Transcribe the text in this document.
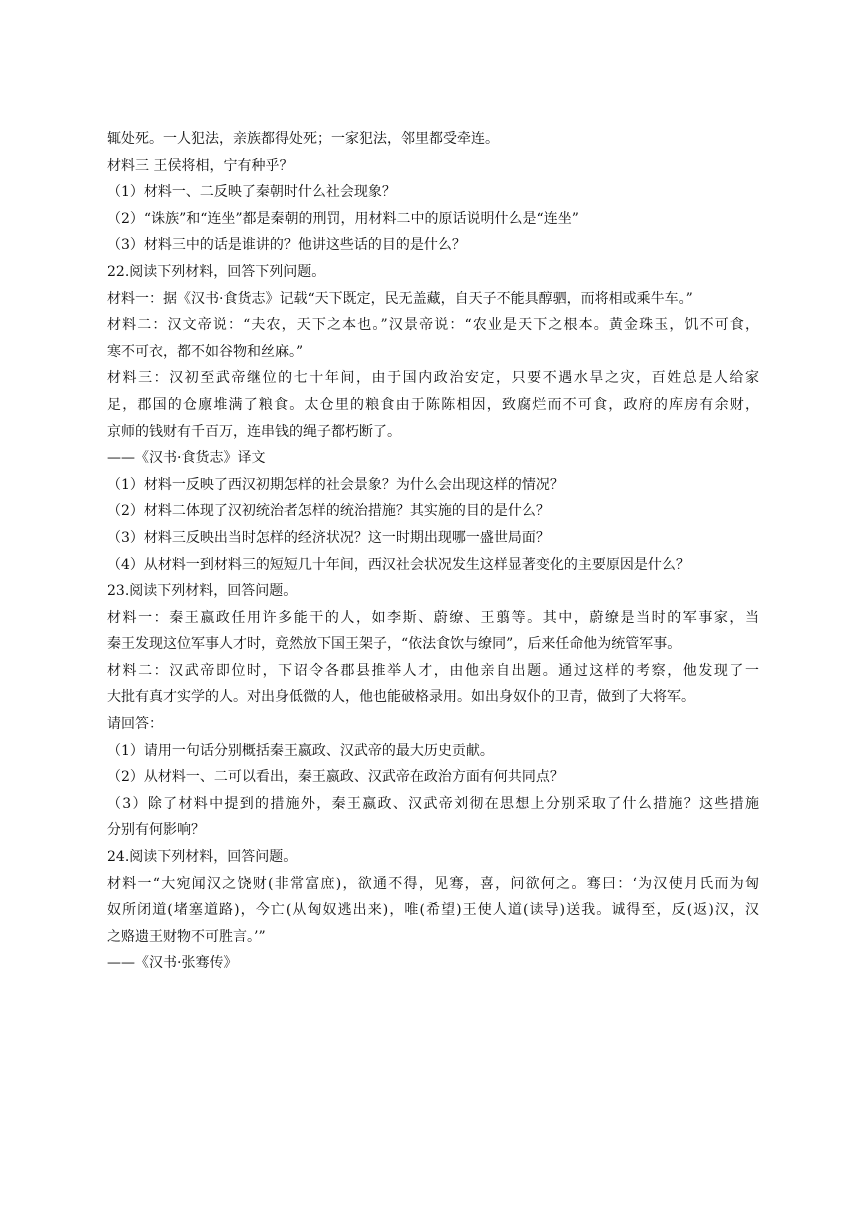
辄处死。一人犯法，亲族都得处死；一家犯法，邻里都受牵连。
材料三 王侯将相，宁有种乎？
（1）材料一、二反映了秦朝时什么社会现象？
（2）“诛族”和“连坐”都是秦朝的刑罚，用材料二中的原话说明什么是“连坐”
（3）材料三中的话是谁讲的？他讲这些话的目的是什么？
22.阅读下列材料，回答下列问题。
材料一：据《汉书·食货志》记载“天下既定，民无盖藏，自天子不能具醇驷，而将相或乘牛车。”
材料二：汉文帝说：“夫农，天下之本也。”汉景帝说：“农业是天下之根本。黄金珠玉，饥不可食，
寒不可衣，都不如谷物和丝麻。”
材料三：汉初至武帝继位的七十年间，由于国内政治安定，只要不遇水旱之灾，百姓总是人给家
足，郡国的仓廪堆满了粮食。太仓里的粮食由于陈陈相因，致腐烂而不可食，政府的库房有余财，
京师的钱财有千百万，连串钱的绳子都朽断了。
——《汉书·食货志》译文
（1）材料一反映了西汉初期怎样的社会景象？为什么会出现这样的情况？
（2）材料二体现了汉初统治者怎样的统治措施？其实施的目的是什么？
（3）材料三反映出当时怎样的经济状况？这一时期出现哪一盛世局面？
（4）从材料一到材料三的短短几十年间，西汉社会状况发生这样显著变化的主要原因是什么？
23.阅读下列材料，回答问题。
材料一：秦王嬴政任用许多能干的人，如李斯、蔚缭、王翦等。其中，蔚缭是当时的军事家，当
秦王发现这位军事人才时，竟然放下国王架子，“依法食饮与缭同”，后来任命他为统管军事。
材料二：汉武帝即位时，下诏令各郡县推举人才，由他亲自出题。通过这样的考察，他发现了一
大批有真才实学的人。对出身低微的人，他也能破格录用。如出身奴仆的卫青，做到了大将军。
请回答：
（1）请用一句话分别概括秦王嬴政、汉武帝的最大历史贡献。
（2）从材料一、二可以看出，秦王嬴政、汉武帝在政治方面有何共同点？
（3）除了材料中提到的措施外，秦王嬴政、汉武帝刘彻在思想上分别采取了什么措施？这些措施
分别有何影响？
24.阅读下列材料，回答问题。
材料一“大宛闻汉之饶财(非常富庶)，欲通不得，见骞，喜，问欲何之。骞曰：‘为汉使月氏而为匈
奴所闭道(堵塞道路)，今亡(从匈奴逃出来)，唯(希望)王使人道(读导)送我。诚得至，反(返)汉，汉
之赂遗王财物不可胜言。’”
——《汉书·张骞传》
